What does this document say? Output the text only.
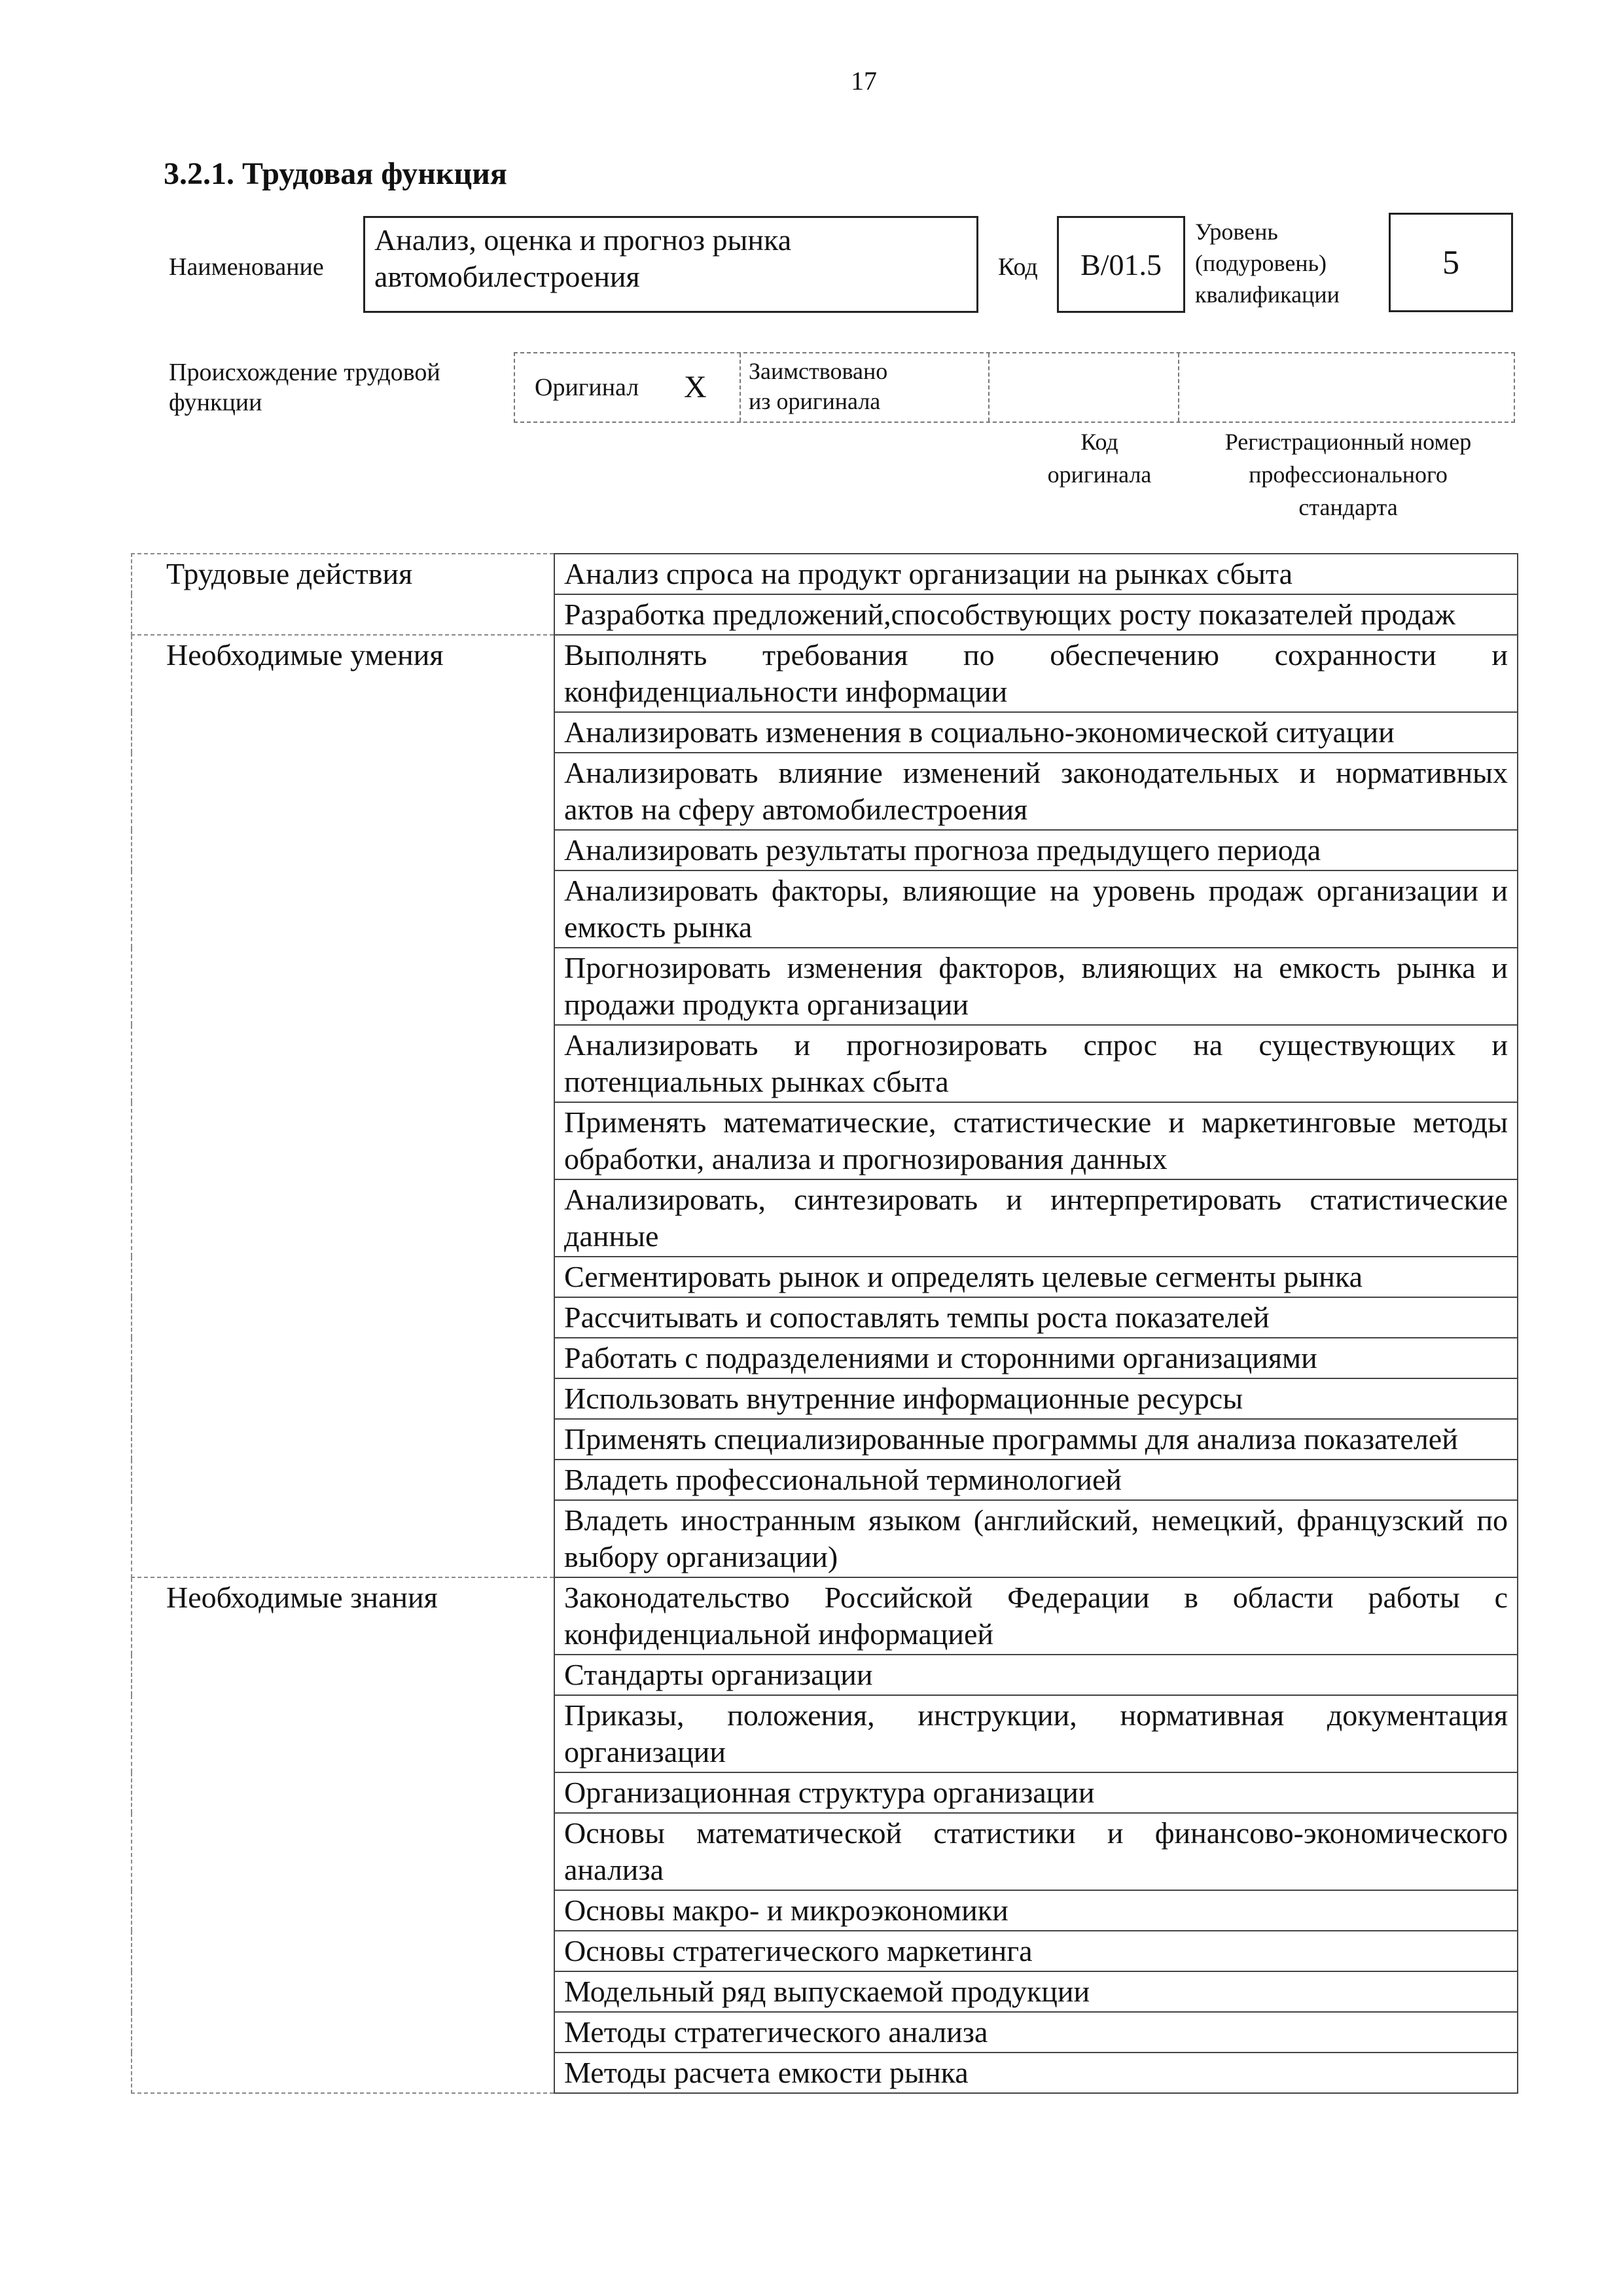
17
3.2.1. Трудовая функция
Наименование
Анализ, оценка и прогноз рынка
автомобилестроения	Код B/01.5
Уровень
(подуровень)
квалификации
5
Происхождение трудовой
функции
Оригинал X Заимствовано
из оригинала
Код
оригинала
Регистрационный номер
профессионального
стандарта
Трудовые действия	Анализ спроса на продукт организации на рынках сбыта
	Разработка предложений,способствующих росту показателей продаж
Необходимые умения	Выполнять требования по обеспечению сохранности и конфиденциальности информации
	Анализировать изменения в социально-экономической ситуации
	Анализировать влияние изменений законодательных и нормативных актов на сферу автомобилестроения
	Анализировать результаты прогноза предыдущего периода
	Анализировать факторы, влияющие на уровень продаж организации и емкость рынка
	Прогнозировать изменения факторов, влияющих на емкость рынка и продажи продукта организации
	Анализировать и прогнозировать спрос на существующих и потенциальных рынках сбыта
	Применять математические, статистические и маркетинговые методы обработки, анализа и прогнозирования данных
	Анализировать, синтезировать и интерпретировать статистические данные
	Сегментировать рынок и определять целевые сегменты рынка
	Рассчитывать и сопоставлять темпы роста показателей
	Работать с подразделениями и сторонними организациями
	Использовать внутренние информационные ресурсы
	Применять специализированные программы для анализа показателей
	Владеть профессиональной терминологией
	Владеть иностранным языком (английский, немецкий, французский по выбору организации)
Необходимые знания	Законодательство Российской Федерации в области работы с конфиденциальной информацией
	Стандарты организации
	Приказы, положения, инструкции, нормативная документация организации
	Организационная структура организации
	Основы математической статистики и финансово-экономического анализа
	Основы макро- и микроэкономики
	Основы стратегического маркетинга
	Модельный ряд выпускаемой продукции
	Методы стратегического анализа
	Методы расчета емкости рынка
